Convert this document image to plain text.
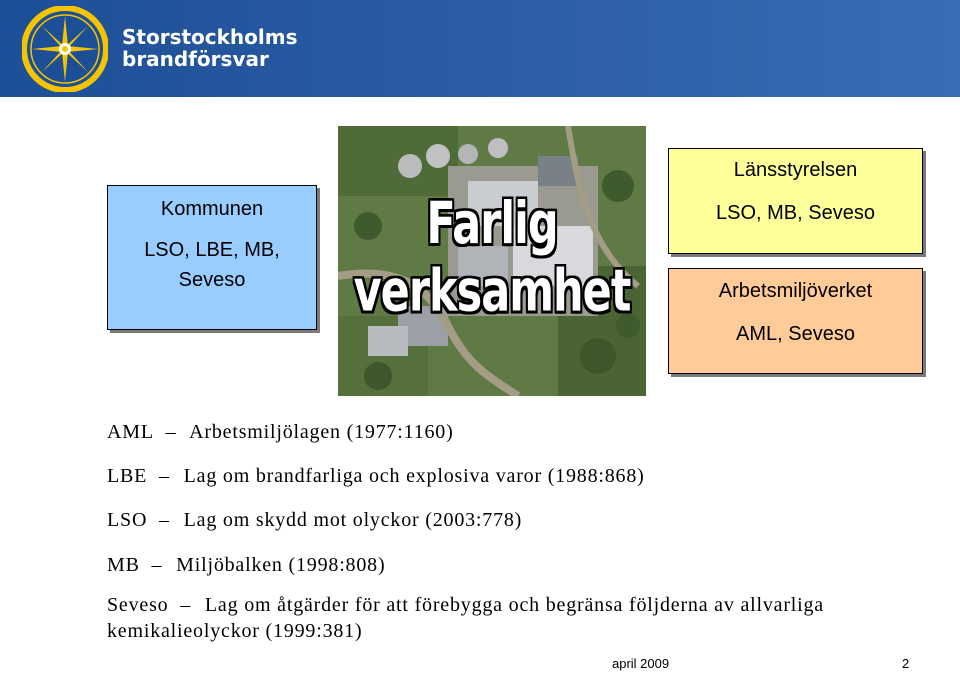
Storstockholms
brandförsvar
Farlig verksamhet
Kommunen
LSO, LBE, MB, Seveso
Länsstyrelsen
LSO, MB, Seveso
Arbetsmiljöverket
AML, Seveso
AML – Arbetsmiljölagen (1977:1160)
LBE – Lag om brandfarliga och explosiva varor (1988:868)
LSO – Lag om skydd mot olyckor (2003:778)
MB – Miljöbalken (1998:808)
Seveso – Lag om åtgärder för att förebygga och begränsa följderna av allvarliga kemikalieolyckor (1999:381)
april 2009	2
